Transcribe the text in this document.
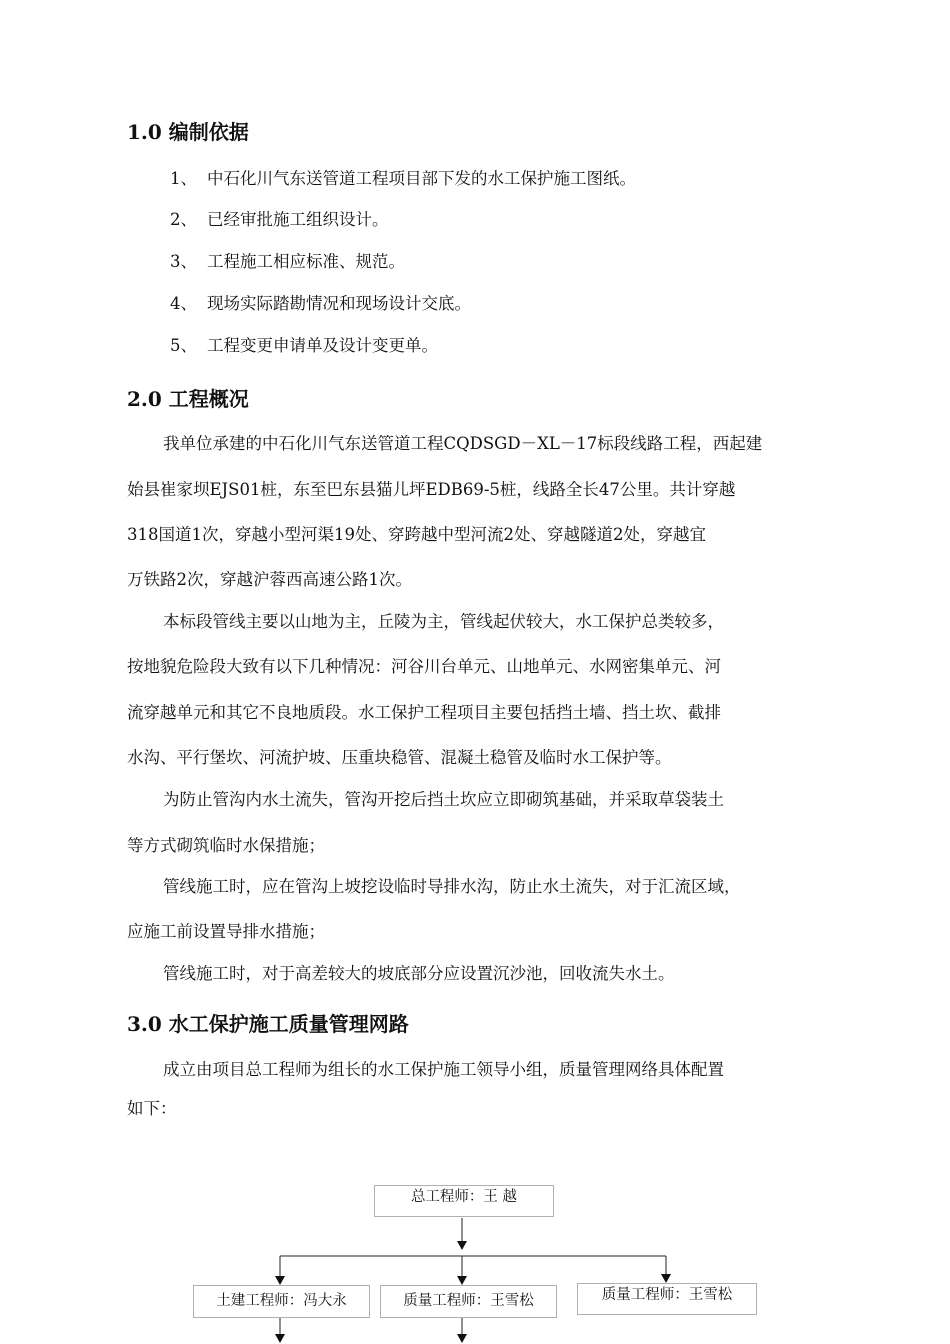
1.0 编制依据
1、 中石化川气东送管道工程项目部下发的水工保护施工图纸。
2、 已经审批施工组织设计。
3、 工程施工相应标准、规范。
4、 现场实际踏勘情况和现场设计交底。
5、 工程变更申请单及设计变更单。
2.0 工程概况
我单位承建的中石化川气东送管道工程CQDSGD－XL－17标段线路工程，西起建
始县崔家坝EJS01桩，东至巴东县猫儿坪EDB69-5桩，线路全长47公里。共计穿越
318国道1次，穿越小型河渠19处、穿跨越中型河流2处、穿越隧道2处，穿越宜
万铁路2次，穿越沪蓉西高速公路1次。
本标段管线主要以山地为主，丘陵为主，管线起伏较大，水工保护总类较多，
按地貌危险段大致有以下几种情况：河谷川台单元、山地单元、水网密集单元、河
流穿越单元和其它不良地质段。水工保护工程项目主要包括挡土墙、挡土坎、截排
水沟、平行堡坎、河流护坡、压重块稳管、混凝土稳管及临时水工保护等。
为防止管沟内水土流失，管沟开挖后挡土坎应立即砌筑基础，并采取草袋装土
等方式砌筑临时水保措施；
管线施工时，应在管沟上坡挖设临时导排水沟，防止水土流失，对于汇流区域，
应施工前设置导排水措施；
管线施工时，对于高差较大的坡底部分应设置沉沙池，回收流失水土。
3.0 水工保护施工质量管理网路
成立由项目总工程师为组长的水工保护施工领导小组，质量管理网络具体配置
如下：
总工程师：王 越
土建工程师：冯大永	质量工程师：王雪松	质量工程师：王雪松
